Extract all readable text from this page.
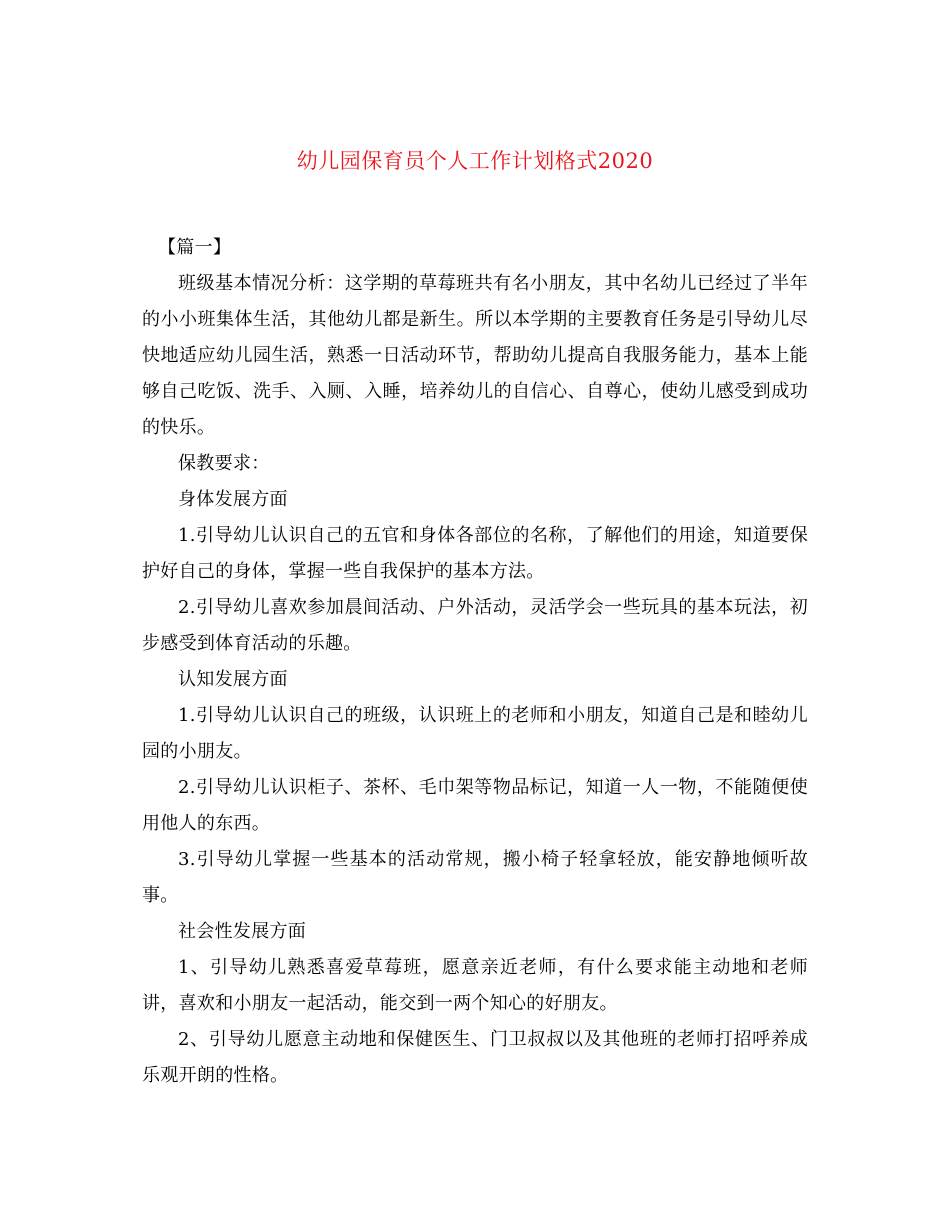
幼儿园保育员个人工作计划格式2020

【篇一】

班级基本情况分析：这学期的草莓班共有名小朋友，其中名幼儿已经过了半年的小小班集体生活，其他幼儿都是新生。所以本学期的主要教育任务是引导幼儿尽快地适应幼儿园生活，熟悉一日活动环节，帮助幼儿提高自我服务能力，基本上能够自己吃饭、洗手、入厕、入睡，培养幼儿的自信心、自尊心，使幼儿感受到成功的快乐。

保教要求：

身体发展方面

1.引导幼儿认识自己的五官和身体各部位的名称，了解他们的用途，知道要保护好自己的身体，掌握一些自我保护的基本方法。

2.引导幼儿喜欢参加晨间活动、户外活动，灵活学会一些玩具的基本玩法，初步感受到体育活动的乐趣。

认知发展方面

1.引导幼儿认识自己的班级，认识班上的老师和小朋友，知道自己是和睦幼儿园的小朋友。

2.引导幼儿认识柜子、茶杯、毛巾架等物品标记，知道一人一物，不能随便使用他人的东西。

3.引导幼儿掌握一些基本的活动常规，搬小椅子轻拿轻放，能安静地倾听故事。

社会性发展方面

1、引导幼儿熟悉喜爱草莓班，愿意亲近老师，有什么要求能主动地和老师讲，喜欢和小朋友一起活动，能交到一两个知心的好朋友。

2、引导幼儿愿意主动地和保健医生、门卫叔叔以及其他班的老师打招呼养成乐观开朗的性格。
